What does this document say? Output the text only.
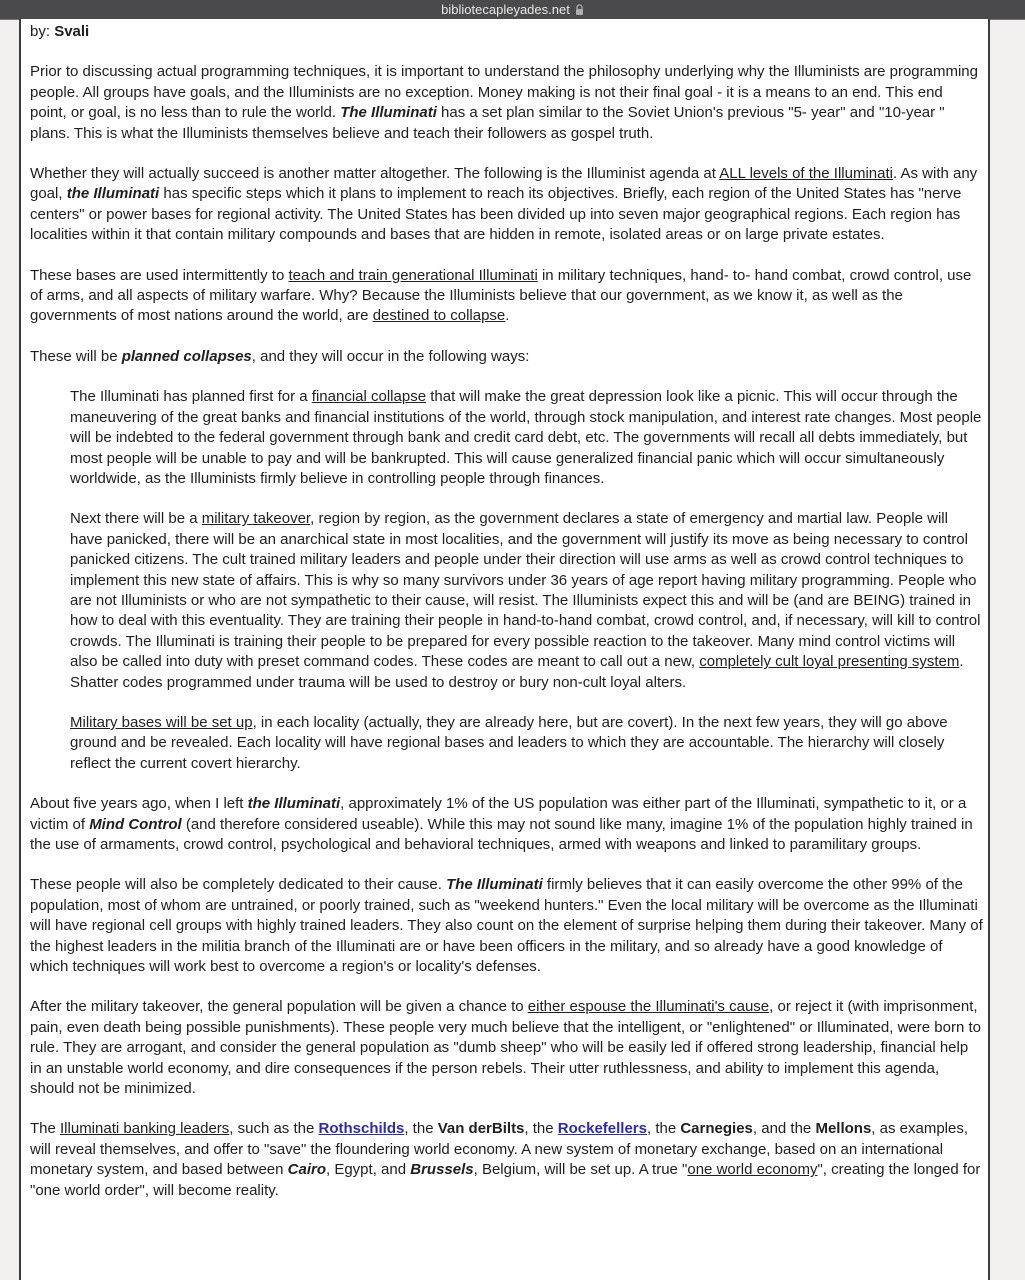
bibliotecapleyades.net

by: Svali

Prior to discussing actual programming techniques, it is important to understand the philosophy underlying why the Illuminists are programming people. All groups have goals, and the Illuminists are no exception. Money making is not their final goal - it is a means to an end. This end point, or goal, is no less than to rule the world. The Illuminati has a set plan similar to the Soviet Union's previous "5- year" and "10-year " plans. This is what the Illuminists themselves believe and teach their followers as gospel truth.

Whether they will actually succeed is another matter altogether. The following is the Illuminist agenda at ALL levels of the Illuminati. As with any goal, the Illuminati has specific steps which it plans to implement to reach its objectives. Briefly, each region of the United States has "nerve centers" or power bases for regional activity. The United States has been divided up into seven major geographical regions. Each region has localities within it that contain military compounds and bases that are hidden in remote, isolated areas or on large private estates.

These bases are used intermittently to teach and train generational Illuminati in military techniques, hand- to- hand combat, crowd control, use of arms, and all aspects of military warfare. Why? Because the Illuminists believe that our government, as we know it, as well as the governments of most nations around the world, are destined to collapse.

These will be planned collapses, and they will occur in the following ways:

The Illuminati has planned first for a financial collapse that will make the great depression look like a picnic. This will occur through the maneuvering of the great banks and financial institutions of the world, through stock manipulation, and interest rate changes. Most people will be indebted to the federal government through bank and credit card debt, etc. The governments will recall all debts immediately, but most people will be unable to pay and will be bankrupted. This will cause generalized financial panic which will occur simultaneously worldwide, as the Illuminists firmly believe in controlling people through finances.

Next there will be a military takeover, region by region, as the government declares a state of emergency and martial law. People will have panicked, there will be an anarchical state in most localities, and the government will justify its move as being necessary to control panicked citizens. The cult trained military leaders and people under their direction will use arms as well as crowd control techniques to implement this new state of affairs. This is why so many survivors under 36 years of age report having military programming. People who are not Illuminists or who are not sympathetic to their cause, will resist. The Illuminists expect this and will be (and are BEING) trained in how to deal with this eventuality. They are training their people in hand-to-hand combat, crowd control, and, if necessary, will kill to control crowds. The Illuminati is training their people to be prepared for every possible reaction to the takeover. Many mind control victims will also be called into duty with preset command codes. These codes are meant to call out a new, completely cult loyal presenting system. Shatter codes programmed under trauma will be used to destroy or bury non-cult loyal alters.

Military bases will be set up, in each locality (actually, they are already here, but are covert). In the next few years, they will go above ground and be revealed. Each locality will have regional bases and leaders to which they are accountable. The hierarchy will closely reflect the current covert hierarchy.

About five years ago, when I left the Illuminati, approximately 1% of the US population was either part of the Illuminati, sympathetic to it, or a victim of Mind Control (and therefore considered useable). While this may not sound like many, imagine 1% of the population highly trained in the use of armaments, crowd control, psychological and behavioral techniques, armed with weapons and linked to paramilitary groups.

These people will also be completely dedicated to their cause. The Illuminati firmly believes that it can easily overcome the other 99% of the population, most of whom are untrained, or poorly trained, such as "weekend hunters." Even the local military will be overcome as the Illuminati will have regional cell groups with highly trained leaders. They also count on the element of surprise helping them during their takeover. Many of the highest leaders in the militia branch of the Illuminati are or have been officers in the military, and so already have a good knowledge of which techniques will work best to overcome a region's or locality's defenses.

After the military takeover, the general population will be given a chance to either espouse the Illuminati's cause, or reject it (with imprisonment, pain, even death being possible punishments). These people very much believe that the intelligent, or "enlightened" or Illuminated, were born to rule. They are arrogant, and consider the general population as "dumb sheep" who will be easily led if offered strong leadership, financial help in an unstable world economy, and dire consequences if the person rebels. Their utter ruthlessness, and ability to implement this agenda, should not be minimized.

The Illuminati banking leaders, such as the Rothschilds, the Van derBilts, the Rockefellers, the Carnegies, and the Mellons, as examples, will reveal themselves, and offer to "save" the floundering world economy. A new system of monetary exchange, based on an international monetary system, and based between Cairo, Egypt, and Brussels, Belgium, will be set up. A true "one world economy", creating the longed for "one world order", will become reality.
